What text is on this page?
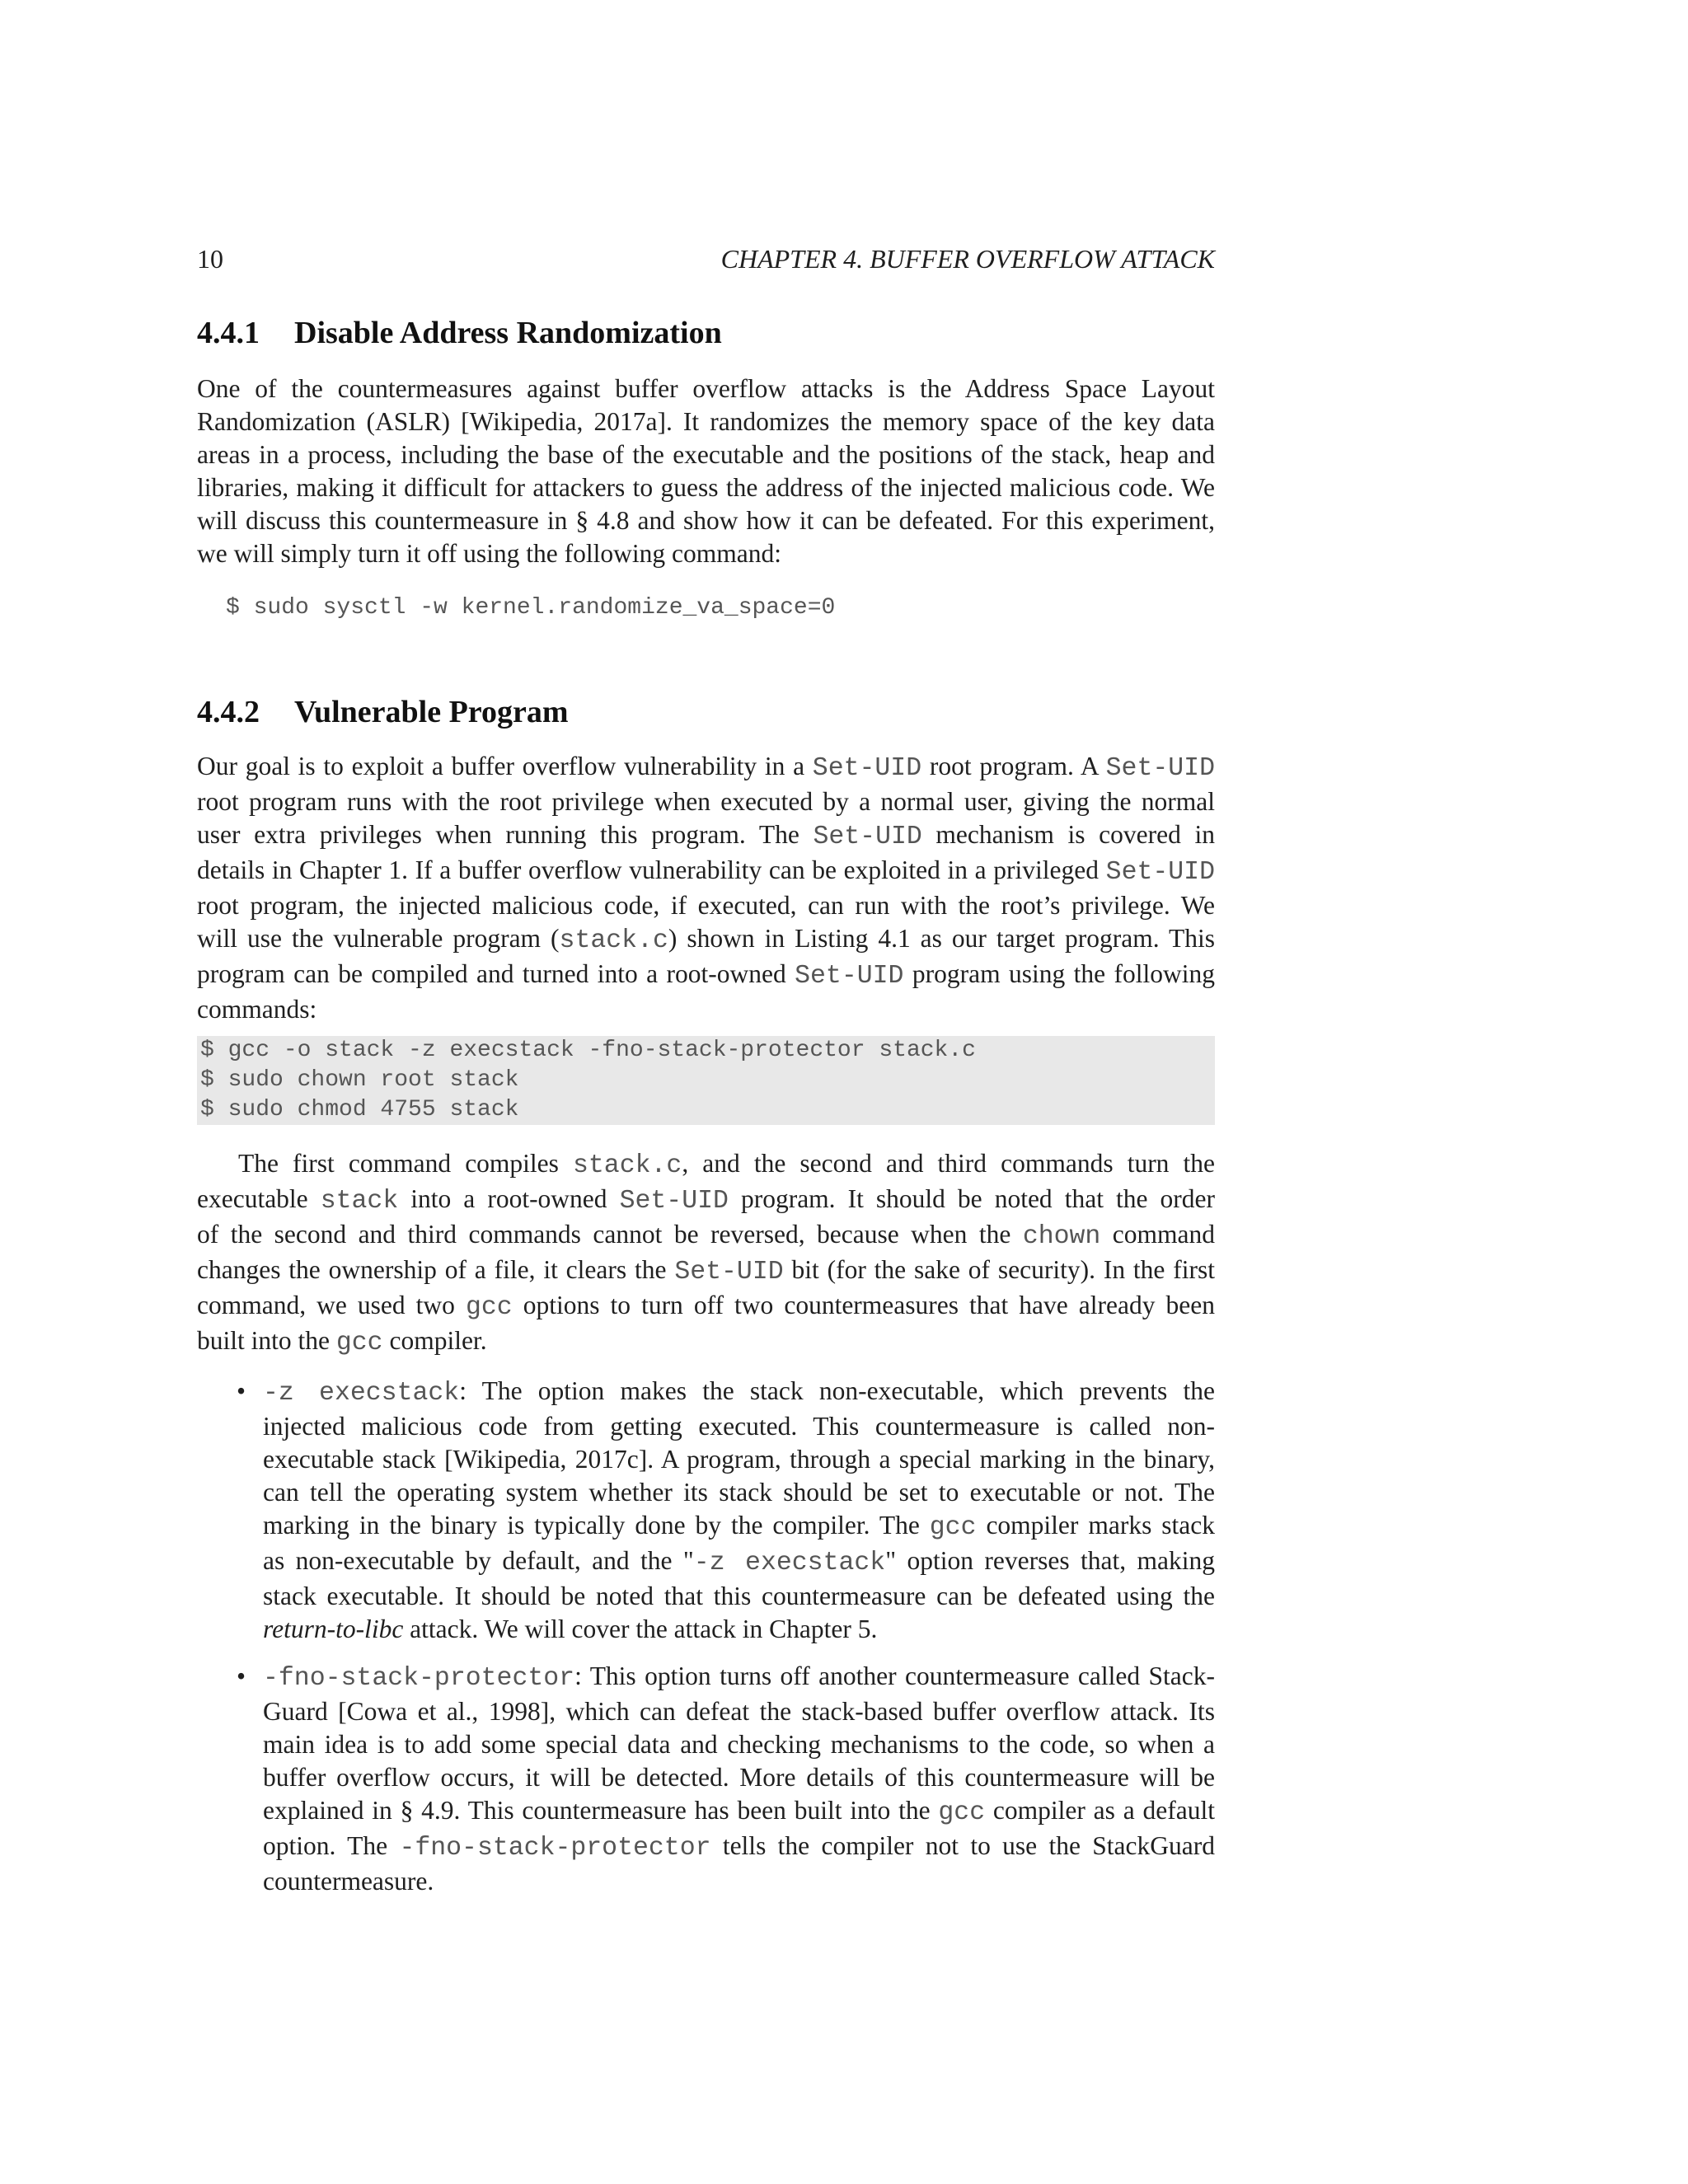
10	CHAPTER 4. BUFFER OVERFLOW ATTACK
4.4.1 Disable Address Randomization
One of the countermeasures against buffer overflow attacks is the Address Space Layout
Randomization (ASLR) [Wikipedia, 2017a]. It randomizes the memory space of the key data
areas in a process, including the base of the executable and the positions of the stack, heap and
libraries, making it difficult for attackers to guess the address of the injected malicious code. We
will discuss this countermeasure in § 4.8 and show how it can be defeated. For this experiment,
we will simply turn it off using the following command:
$ sudo sysctl -w kernel.randomize_va_space=0
4.4.2 Vulnerable Program
Our goal is to exploit a buffer overflow vulnerability in a Set-UID root program. A Set-UID
root program runs with the root privilege when executed by a normal user, giving the normal
user extra privileges when running this program. The Set-UID mechanism is covered in
details in Chapter 1. If a buffer overflow vulnerability can be exploited in a privileged Set-UID
root program, the injected malicious code, if executed, can run with the root’s privilege. We
will use the vulnerable program (stack.c) shown in Listing 4.1 as our target program. This
program can be compiled and turned into a root-owned Set-UID program using the following
commands:
$ gcc -o stack -z execstack -fno-stack-protector stack.c
$ sudo chown root stack
$ sudo chmod 4755 stack
The first command compiles stack.c, and the second and third commands turn the
executable stack into a root-owned Set-UID program. It should be noted that the order
of the second and third commands cannot be reversed, because when the chown command
changes the ownership of a file, it clears the Set-UID bit (for the sake of security). In the first
command, we used two gcc options to turn off two countermeasures that have already been
built into the gcc compiler.
• -z execstack: The option makes the stack non-executable, which prevents the
injected malicious code from getting executed. This countermeasure is called non-
executable stack [Wikipedia, 2017c]. A program, through a special marking in the binary,
can tell the operating system whether its stack should be set to executable or not. The
marking in the binary is typically done by the compiler. The gcc compiler marks stack
as non-executable by default, and the "-z execstack" option reverses that, making
stack executable. It should be noted that this countermeasure can be defeated using the
return-to-libc attack. We will cover the attack in Chapter 5.
• -fno-stack-protector: This option turns off another countermeasure called Stack-
Guard [Cowa et al., 1998], which can defeat the stack-based buffer overflow attack. Its
main idea is to add some special data and checking mechanisms to the code, so when a
buffer overflow occurs, it will be detected. More details of this countermeasure will be
explained in § 4.9. This countermeasure has been built into the gcc compiler as a default
option. The -fno-stack-protector tells the compiler not to use the StackGuard
countermeasure.
